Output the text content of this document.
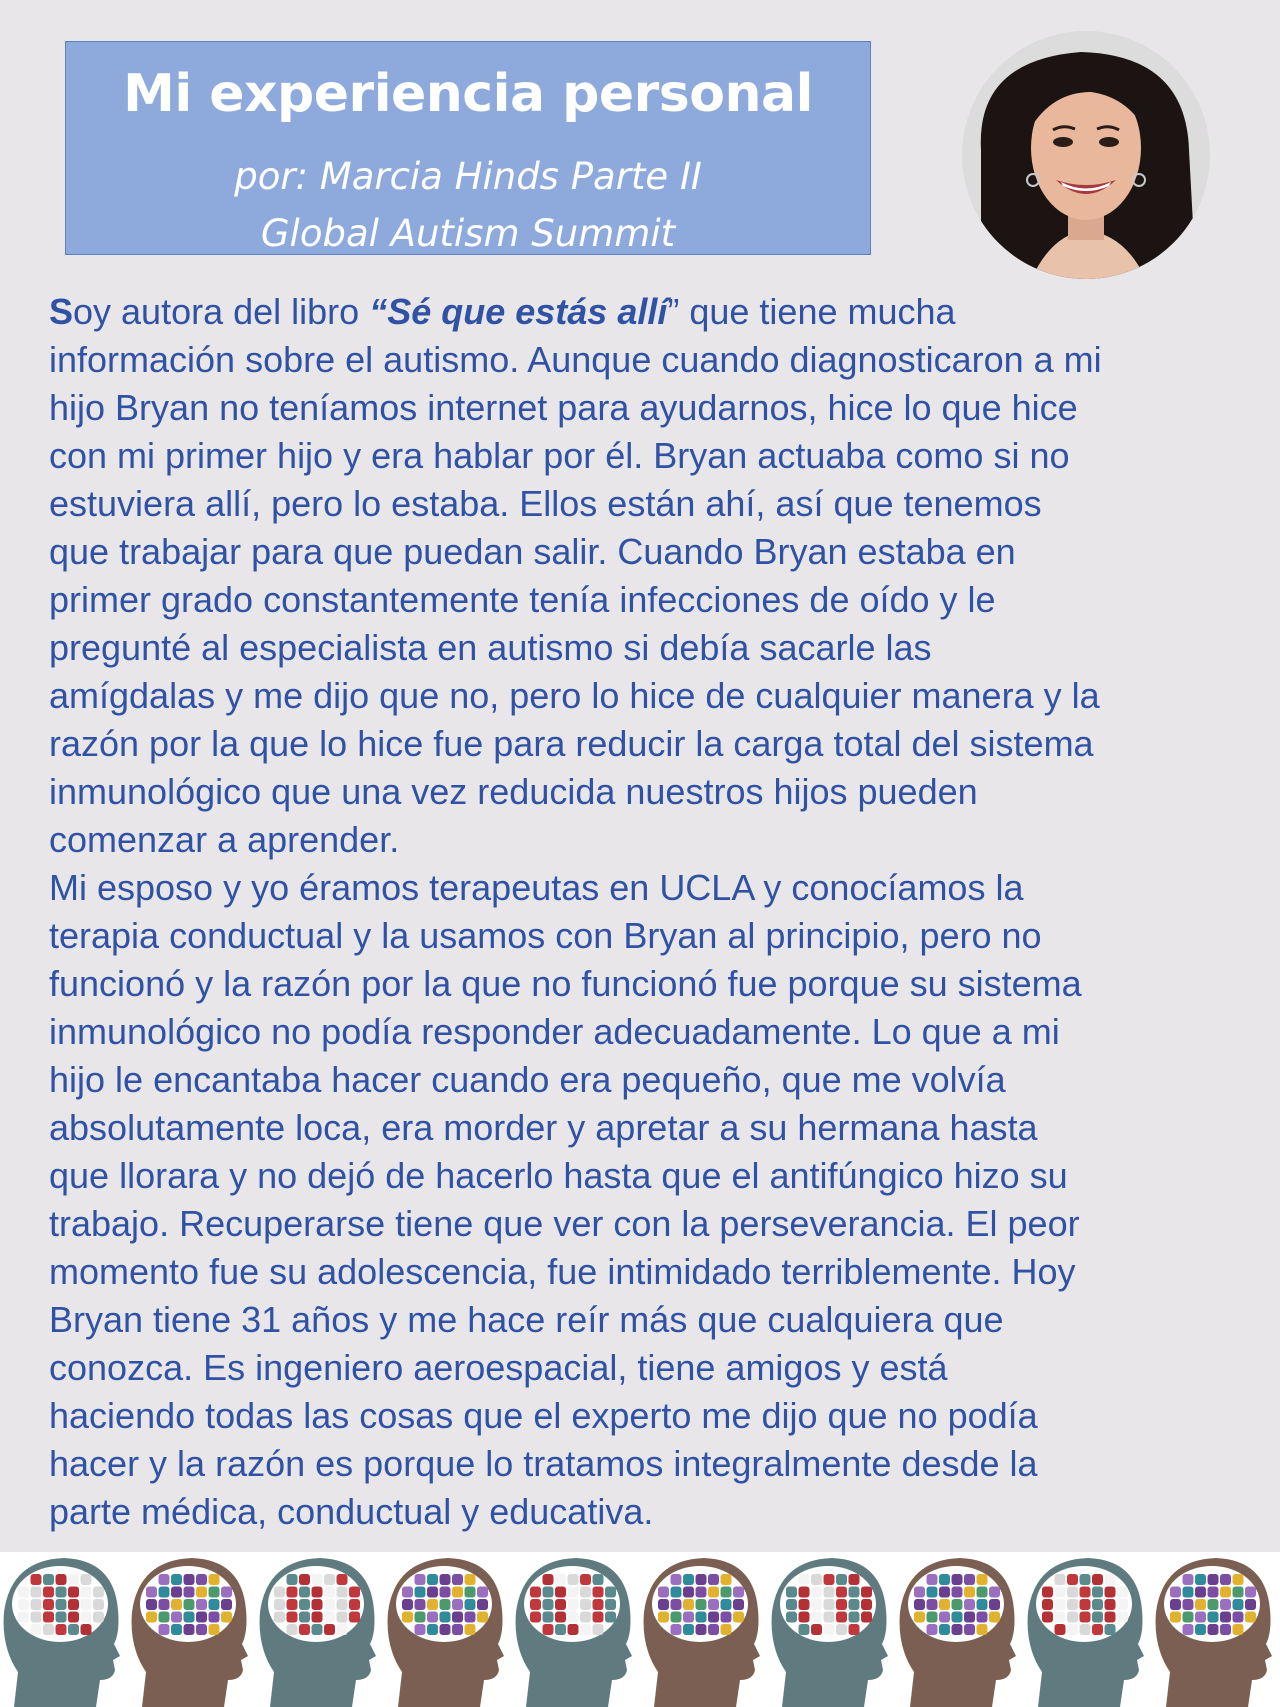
Mi experiencia personal
por: Marcia Hinds Parte II
Global Autism Summit
Soy autora del libro “Sé que estás allí” que tiene mucha
información sobre el autismo. Aunque cuando diagnosticaron a mi
hijo Bryan no teníamos internet para ayudarnos, hice lo que hice
con mi primer hijo y era hablar por él. Bryan actuaba como si no
estuviera allí, pero lo estaba. Ellos están ahí, así que tenemos
que trabajar para que puedan salir. Cuando Bryan estaba en
primer grado constantemente tenía infecciones de oído y le
pregunté al especialista en autismo si debía sacarle las
amígdalas y me dijo que no, pero lo hice de cualquier manera y la
razón por la que lo hice fue para reducir la carga total del sistema
inmunológico que una vez reducida nuestros hijos pueden
comenzar a aprender.
Mi esposo y yo éramos terapeutas en UCLA y conocíamos la
terapia conductual y la usamos con Bryan al principio, pero no
funcionó y la razón por la que no funcionó fue porque su sistema
inmunológico no podía responder adecuadamente. Lo que a mi
hijo le encantaba hacer cuando era pequeño, que me volvía
absolutamente loca, era morder y apretar a su hermana hasta
que llorara y no dejó de hacerlo hasta que el antifúngico hizo su
trabajo. Recuperarse tiene que ver con la perseverancia. El peor
momento fue su adolescencia, fue intimidado terriblemente. Hoy
Bryan tiene 31 años y me hace reír más que cualquiera que
conozca. Es ingeniero aeroespacial, tiene amigos y está
haciendo todas las cosas que el experto me dijo que no podía
hacer y la razón es porque lo tratamos integralmente desde la
parte médica, conductual y educativa.
